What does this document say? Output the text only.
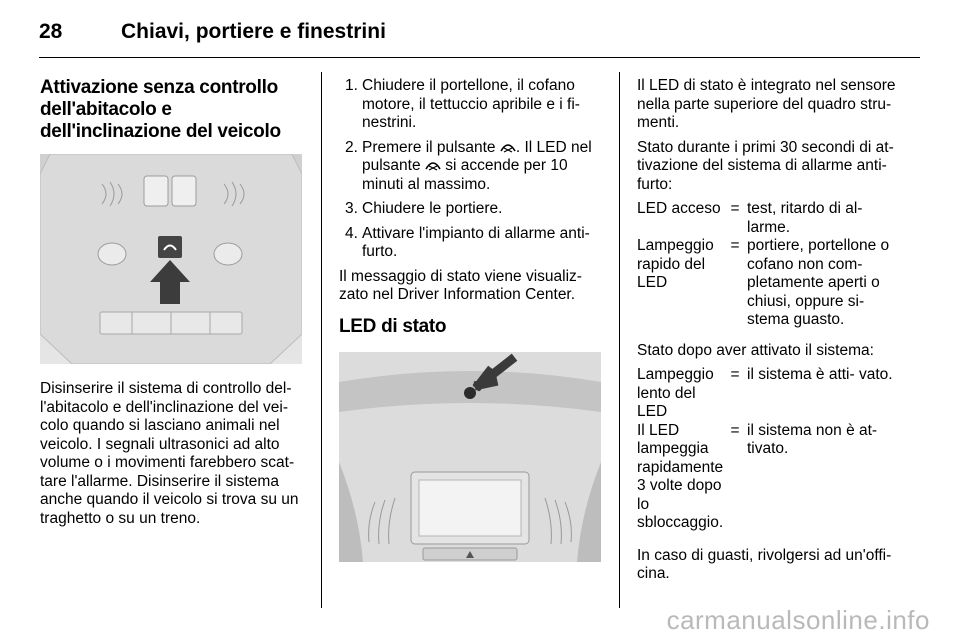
28	Chiavi, portiere e finestrini
Attivazione senza controllo dell'abitacolo e dell'inclinazione del veicolo

Disinserire il sistema di controllo del- l'abitacolo e dell'inclinazione del vei- colo quando si lasciano animali nel veicolo. I segnali ultrasonici ad alto volume o i movimenti farebbero scat- tare l'allarme. Disinserire il sistema anche quando il veicolo si trova su un traghetto o su un treno.

1. Chiudere il portellone, il cofano motore, il tettuccio apribile e i fi- nestrini.
2. Premere il pulsante . Il LED nel pulsante si accende per 10 minuti al massimo.
3. Chiudere le portiere.
4. Attivare l'impianto di allarme anti- furto.

Il messaggio di stato viene visualiz- zato nel Driver Information Center.

LED di stato

Il LED di stato è integrato nel sensore nella parte superiore del quadro stru- menti.

Stato durante i primi 30 secondi di at- tivazione del sistema di allarme anti- furto:

LED acceso = test, ritardo di al- larme.
Lampeggio rapido del LED
= portiere, portellone o cofano non com- pletamente aperti o chiusi, oppure si- stema guasto.

Stato dopo aver attivato il sistema:

Lampeggio lento del LED
= il sistema è atti- vato.
Il LED lampeggia rapidamente 3 volte dopo lo sbloccaggio.
= il sistema non è at- tivato.

In caso di guasti, rivolgersi ad un'offi- cina.

carmanualsonline.info
